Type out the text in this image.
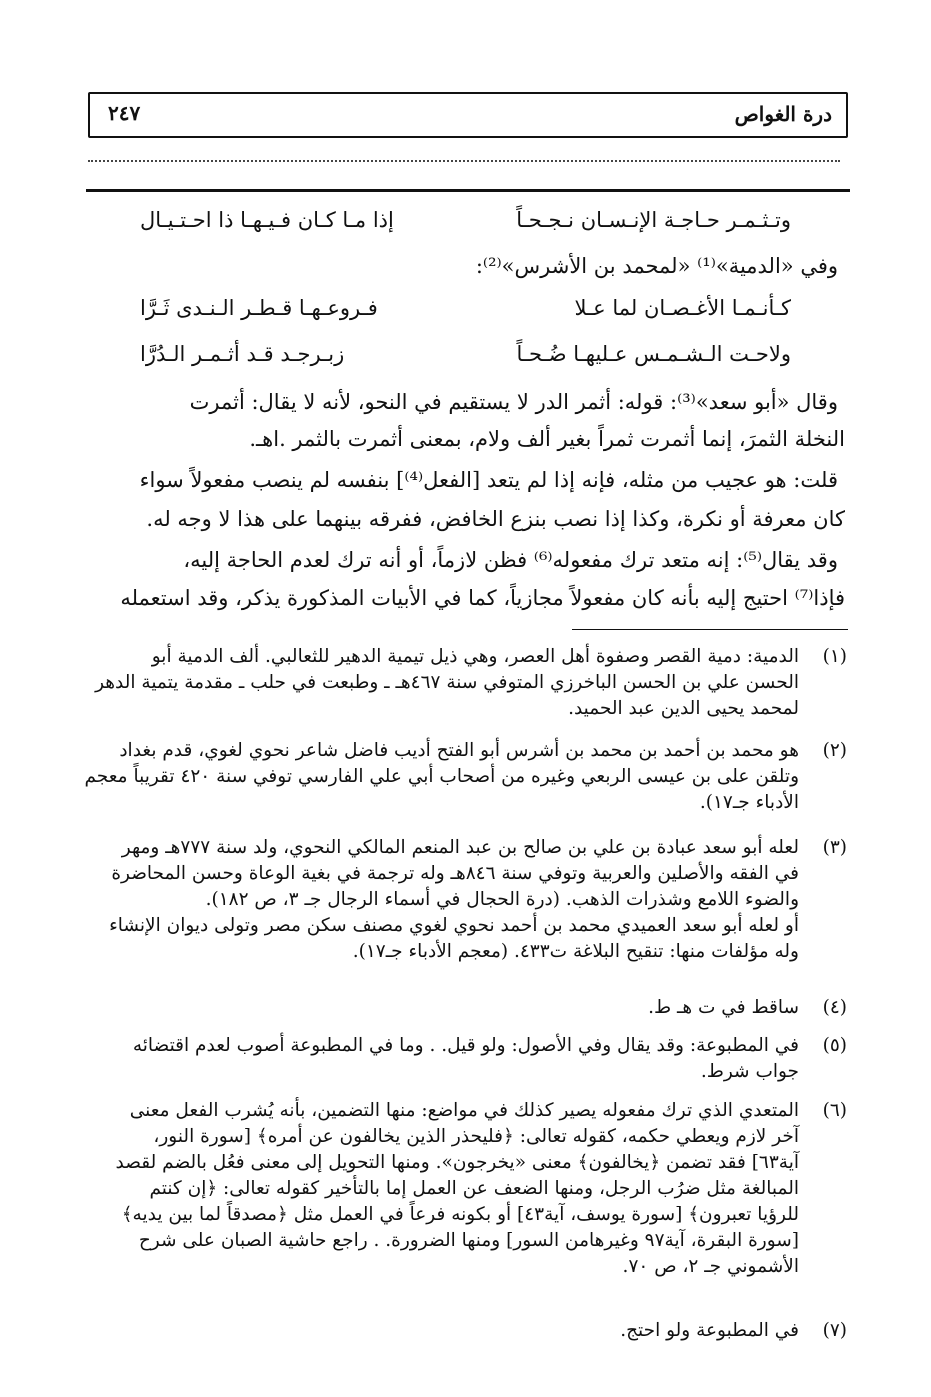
درة الغواص
٢٤٧
وتـثـمـر حـاجـة الإنـسـان نـجـحـاً
إذا مـا كـان فـيـهـا ذا احـتـيـال
وفي «الدمية»⁽¹⁾ «لمحمد بن الأشرس»⁽²⁾:
كـأنـمـا الأغـصـان لما عـلا
فـروعـهـا قـطـر الـنـدى ثَـرَّا
ولاحـت الـشـمـس عـليهـا ضُـحـاً
زبـرجـد قـد أثـمـر الـدُرَّا
وقال «أبو سعد»⁽³⁾: قوله: أثمر الدر لا يستقيم في النحو، لأنه لا يقال: أثمرت
النخلة الثمرَ، إنما أثمرت ثمراً بغير ألف ولام، بمعنى أثمرت بالثمر .اهـ.
قلت: هو عجيب من مثله، فإنه إذا لم يتعد [الفعل⁽⁴⁾] بنفسه لم ينصب مفعولاً سواء
كان معرفة أو نكرة، وكذا إذا نصب بنزع الخافض، ففرقه بينهما على هذا لا وجه له.
وقد يقال⁽⁵⁾: إنه متعد ترك مفعوله⁽⁶⁾ فظن لازماً، أو أنه ترك لعدم الحاجة إليه،
فإذا⁽⁷⁾ احتيج إليه بأنه كان مفعولاً مجازياً، كما في الأبيات المذكورة يذكر، وقد استعمله
(١)
الدمية: دمية القصر وصفوة أهل العصر، وهي ذيل تيمية الدهير للثعالبي. ألف الدمية أبو
الحسن علي بن الحسن الباخرزي المتوفي سنة ٤٦٧هـ ـ وطبعت في حلب ـ مقدمة يتمية الدهر
لمحمد يحيى الدين عبد الحميد.
(٢)
هو محمد بن أحمد بن محمد بن أشرس أبو الفتح أديب فاضل شاعر نحوي لغوي، قدم بغداد
وتلقن على بن عيسى الربعي وغيره من أصحاب أبي علي الفارسي توفي سنة ٤٢٠ تقريباً معجم
الأدباء جـ١٧).
(٣)
لعله أبو سعد عبادة بن علي بن صالح بن عبد المنعم المالكي النحوي، ولد سنة ٧٧٧هـ ومهر
في الفقه والأصلين والعربية وتوفي سنة ٨٤٦هـ وله ترجمة في بغية الوعاة وحسن المحاضرة
والضوء اللامع وشذرات الذهب. (درة الحجال في أسماء الرجال جـ ٣، ص ١٨٢).
أو لعله أبو سعد العميدي محمد بن أحمد نحوي لغوي مصنف سكن مصر وتولى ديوان الإنشاء
وله مؤلفات منها: تنقيح البلاغة ت٤٣٣. (معجم الأدباء جـ١٧).
(٤)
ساقط في ت هـ ط.
(٥)
في المطبوعة: وقد يقال وفي الأصول: ولو قيل. . وما في المطبوعة أصوب لعدم اقتضائه
جواب شرط.
(٦)
المتعدي الذي ترك مفعوله يصير كذلك في مواضع: منها التضمين، بأنه يُشرب الفعل معنى
آخر لازم ويعطي حكمه، كقوله تعالى: ﴿فليحذر الذين يخالفون عن أمره﴾ [سورة النور،
آية٦٣] فقد تضمن ﴿يخالفون﴾ معنى «يخرجون». ومنها التحويل إلى معنى فعُل بالضم لقصد
المبالغة مثل ضرُب الرجل، ومنها الضعف عن العمل إما بالتأخير كقوله تعالى: ﴿إن كنتم
للرؤيا تعبرون﴾ [سورة يوسف، آية٤٣] أو بكونه فرعاً في العمل مثل ﴿مصدقاً لما بين يديه﴾
[سورة البقرة، آية٩٧ وغيرهامن السور] ومنها الضرورة. . راجع حاشية الصبان على شرح
الأشموني جـ ٢، ص ٧٠.
(٧)
في المطبوعة ولو احتج.
